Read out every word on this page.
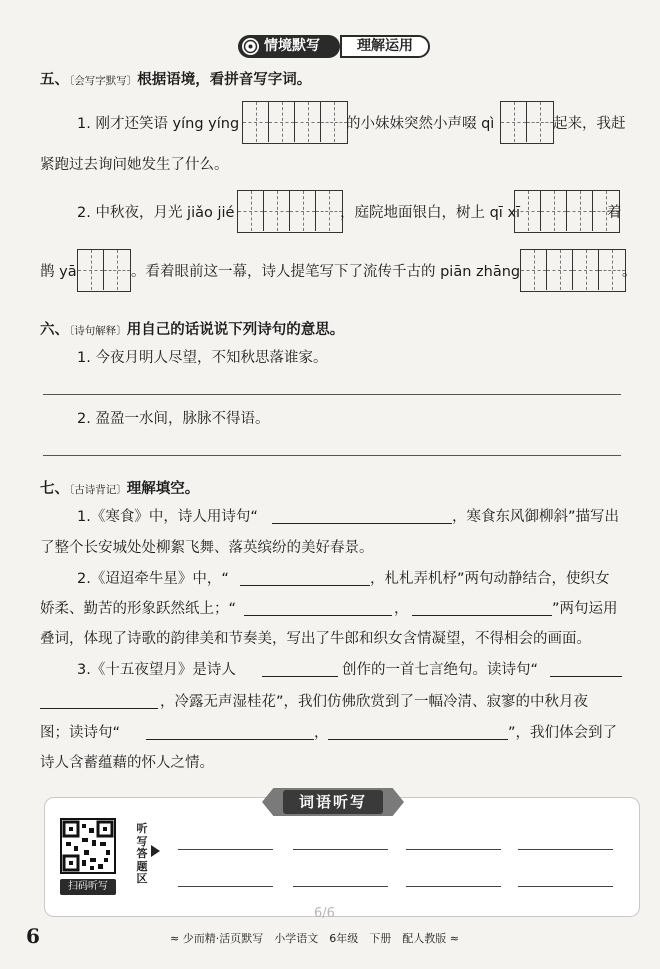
情境默写	理解运用
五、〔会写字默写〕根据语境，看拼音写字词。
1. 刚才还笑语 yíng yíng	的小妹妹突然小声啜 qì	起来，我赶
紧跑过去询问她发生了什么。
2. 中秋夜，月光 jiǎo jié	，庭院地面银白，树上 qī xī	着
鹊 yā	。看着眼前这一幕，诗人提笔写下了流传千古的 piān zhāng	。
六、〔诗句解释〕用自己的话说说下列诗句的意思。
1. 今夜月明人尽望，不知秋思落谁家。
2. 盈盈一水间，脉脉不得语。
七、〔古诗背记〕理解填空。
1.《寒食》中，诗人用诗句“	，寒食东风御柳斜”描写出
了整个长安城处处柳絮飞舞、落英缤纷的美好春景。
2.《迢迢牵牛星》中，“	，札札弄机杼”两句动静结合，使织女
娇柔、勤苦的形象跃然纸上；“	，	”两句运用
叠词，体现了诗歌的韵律美和节奏美，写出了牛郎和织女含情凝望，不得相会的画面。
3.《十五夜望月》是诗人	创作的一首七言绝句。读诗句“
，冷露无声湿桂花”，我们仿佛欣赏到了一幅冷清、寂寥的中秋月夜
图；读诗句“	，	”，我们体会到了
诗人含蓄蕴藉的怀人之情。
词语听写
扫码听写
听写答题区
6/6
6	≈ 少而精·活页默写　小学语文　6年级　下册　配人教版 ≈
